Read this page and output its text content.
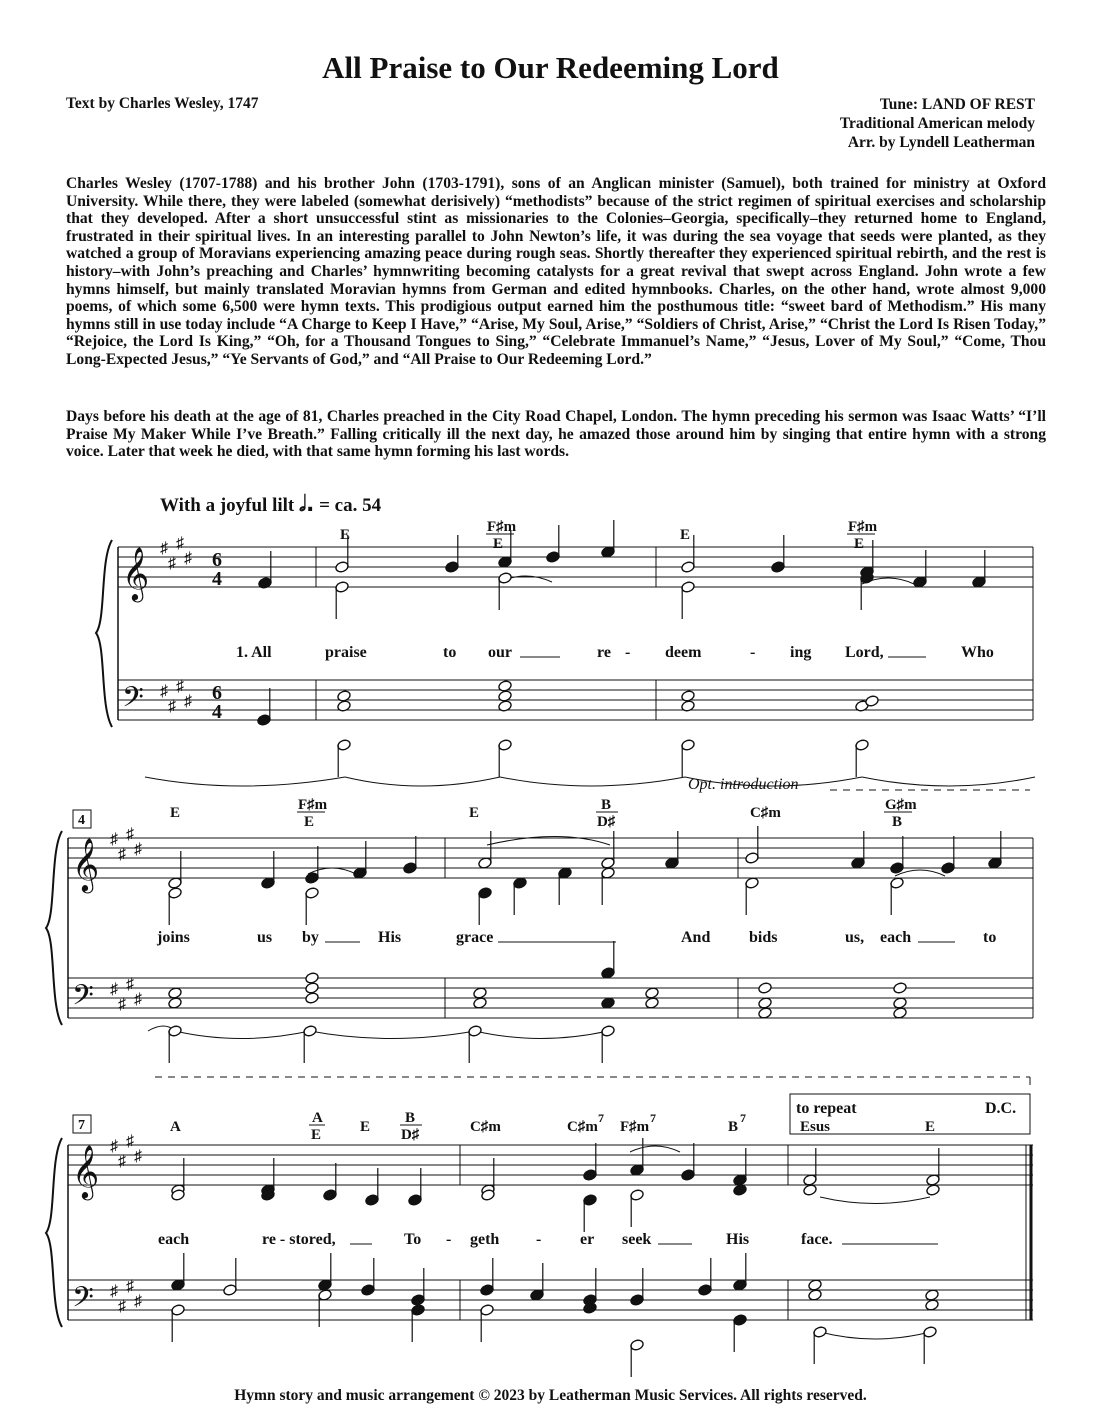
All Praise to Our Redeeming Lord
Text by Charles Wesley, 1747	Tune: LAND OF REST
Traditional American melody
Arr. by Lyndell Leatherman

Charles Wesley (1707-1788) and his brother John (1703-1791), sons of an Anglican minister (Samuel), both trained for ministry at Oxford University. While there, they were labeled (somewhat derisively) “methodists” because of the strict regimen of spiritual exercises and scholarship that they developed. After a short unsuccessful stint as missionaries to the Colonies–Georgia, specifically–they returned home to England, frustrated in their spiritual lives. In an interesting parallel to John Newton’s life, it was during the sea voyage that seeds were planted, as they watched a group of Moravians experiencing amazing peace during rough seas. Shortly thereafter they experienced spiritual rebirth, and the rest is history–with John’s preaching and Charles’ hymnwriting becoming catalysts for a great revival that swept across England. John wrote a few hymns himself, but mainly translated Moravian hymns from German and edited hymnbooks. Charles, on the other hand, wrote almost 9,000 poems, of which some 6,500 were hymn texts. This prodigious output earned him the posthumous title: “sweet bard of Methodism.” His many hymns still in use today include “A Charge to Keep I Have,” “Arise, My Soul, Arise,” “Soldiers of Christ, Arise,” “Christ the Lord Is Risen Today,” “Rejoice, the Lord Is King,” “Oh, for a Thousand Tongues to Sing,” “Celebrate Immanuel’s Name,” “Jesus, Lover of My Soul,” “Come, Thou Long-Expected Jesus,” “Ye Servants of God,” and “All Praise to Our Redeeming Lord.”

Days before his death at the age of 81, Charles preached in the City Road Chapel, London. The hymn preceding his sermon was Isaac Watts’ “I’ll Praise My Maker While I’ve Breath.” Falling critically ill the next day, he amazed those around him by singing that entire hymn with a strong voice. Later that week he died, with that same hymn forming his last words.

With a joyful lilt 𝅗𝅥. = ca. 54
𝄞
𝄢
𝄞
𝄢
𝄞
𝄢
♯
♯
♯
♯
♯
♯
♯
♯
♯
♯
♯
♯
♯
♯
♯
♯
♯
♯
♯
♯
♯
♯
♯
♯
6
4
6
4
4
7
Opt. introduction
to repeat	D.C.
E	F♯m
E
E	F♯m
E
E	F♯m
E
E	B
D♯
C♯m	G♯m
B
A
A
E	E
B
D♯	C♯m	C♯m
7
F♯m
7
B
7
Esus	E
1. All	praise	to our	re - deem	- ing Lord,	Who
joins	us by	His	grace	And bids	us, each	to
each	re - stored,	To - geth - er seek	His	face.
Hymn story and music arrangement © 2023 by Leatherman Music Services. All rights reserved.
